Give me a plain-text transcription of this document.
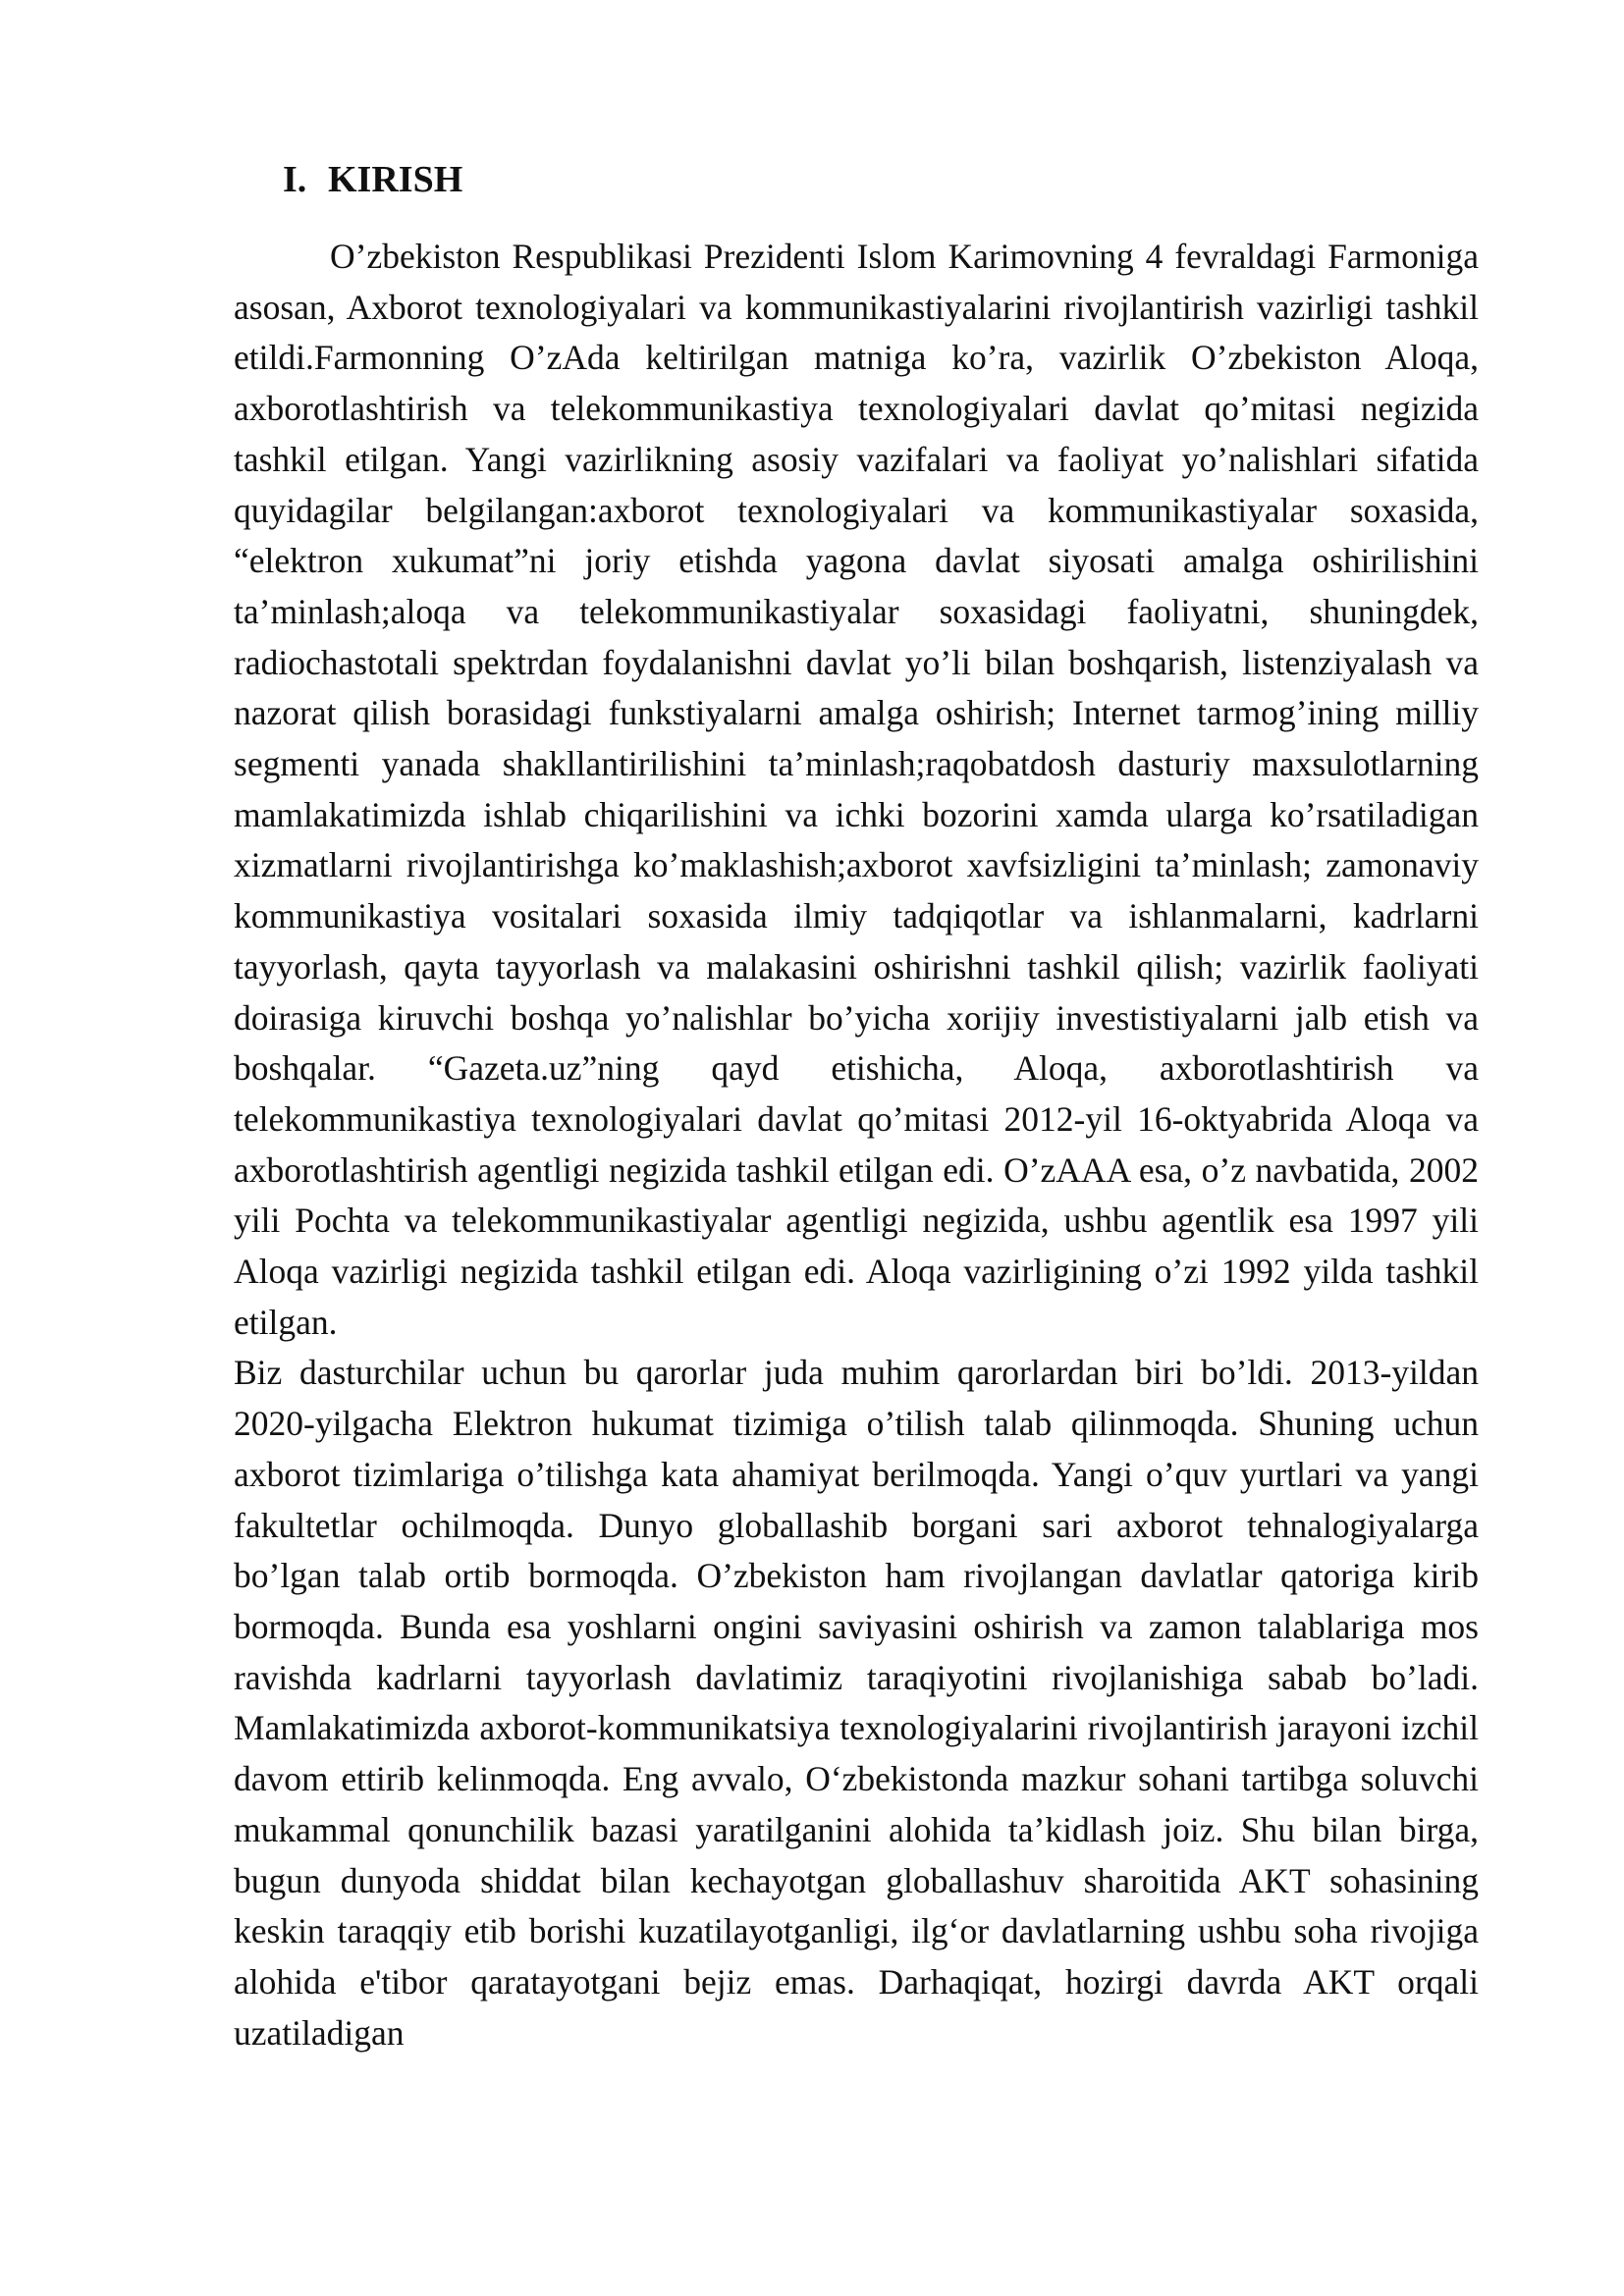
I. KIRISH

O’zbekiston Respublikasi Prezidenti Islom Karimovning 4 fevraldagi Farmoniga asosan, Axborot texnologiyalari va kommunikastiyalarini rivojlantirish vazirligi tashkil etildi.Farmonning O’zAda keltirilgan matniga ko’ra, vazirlik O’zbekiston Aloqa, axborotlashtirish va telekommunikastiya texnologiyalari davlat qo’mitasi negizida tashkil etilgan. Yangi vazirlikning asosiy vazifalari va faoliyat yo’nalishlari sifatida quyidagilar belgilangan:axborot texnologiyalari va kommunikastiyalar soxasida, “elektron xukumat”ni joriy etishda yagona davlat siyosati amalga oshirilishini ta’minlash;aloqa va telekommunikastiyalar soxasidagi faoliyatni, shuningdek, radiochastotali spektrdan foydalanishni davlat yo’li bilan boshqarish, listenziyalash va nazorat qilish borasidagi funkstiyalarni amalga oshirish; Internet tarmog’ining milliy segmenti yanada shakllantirilishini ta’minlash;raqobatdosh dasturiy maxsulotlarning mamlakatimizda ishlab chiqarilishini va ichki bozorini xamda ularga ko’rsatiladigan xizmatlarni rivojlantirishga ko’maklashish;axborot xavfsizligini ta’minlash; zamonaviy kommunikastiya vositalari soxasida ilmiy tadqiqotlar va ishlanmalarni, kadrlarni tayyorlash, qayta tayyorlash va malakasini oshirishni tashkil qilish; vazirlik faoliyati doirasiga kiruvchi boshqa yo’nalishlar bo’yicha xorijiy investistiyalarni jalb etish va boshqalar. “Gazeta.uz”ning qayd etishicha, Aloqa, axborotlashtirish va telekommunikastiya texnologiyalari davlat qo’mitasi 2012-yil 16-oktyabrida Aloqa va axborotlashtirish agentligi negizida tashkil etilgan edi. O’zAAA esa, o’z navbatida, 2002 yili Pochta va telekommunikastiyalar agentligi negizida, ushbu agentlik esa 1997 yili Aloqa vazirligi negizida tashkil etilgan edi. Aloqa vazirligining o’zi 1992 yilda tashkil etilgan.

Biz dasturchilar uchun bu qarorlar juda muhim qarorlardan biri bo’ldi. 2013-yildan 2020-yilgacha Elektron hukumat tizimiga o’tilish talab qilinmoqda. Shuning uchun axborot tizimlariga o’tilishga kata ahamiyat berilmoqda. Yangi o’quv yurtlari va yangi fakultetlar ochilmoqda. Dunyo globallashib borgani sari axborot tehnalogiyalarga bo’lgan talab ortib bormoqda. O’zbekiston ham rivojlangan davlatlar qatoriga kirib bormoqda. Bunda esa yoshlarni ongini saviyasini oshirish va zamon talablariga mos ravishda kadrlarni tayyorlash davlatimiz taraqiyotini rivojlanishiga sabab bo’ladi. Mamlakatimizda axborot-kommunikatsiya texnologiyalarini rivojlantirish jarayoni izchil davom ettirib kelinmoqda. Eng avvalo, O‘zbekistonda mazkur sohani tartibga soluvchi mukammal qonunchilik bazasi yaratilganini alohida ta’kidlash joiz. Shu bilan birga, bugun dunyoda shiddat bilan kechayotgan globallashuv sharoitida AKT sohasining keskin taraqqiy etib borishi kuzatilayotganligi, ilg‘or davlatlarning ushbu soha rivojiga alohida e'tibor qaratayotgani bejiz emas. Darhaqiqat, hozirgi davrda AKT orqali uzatiladigan
